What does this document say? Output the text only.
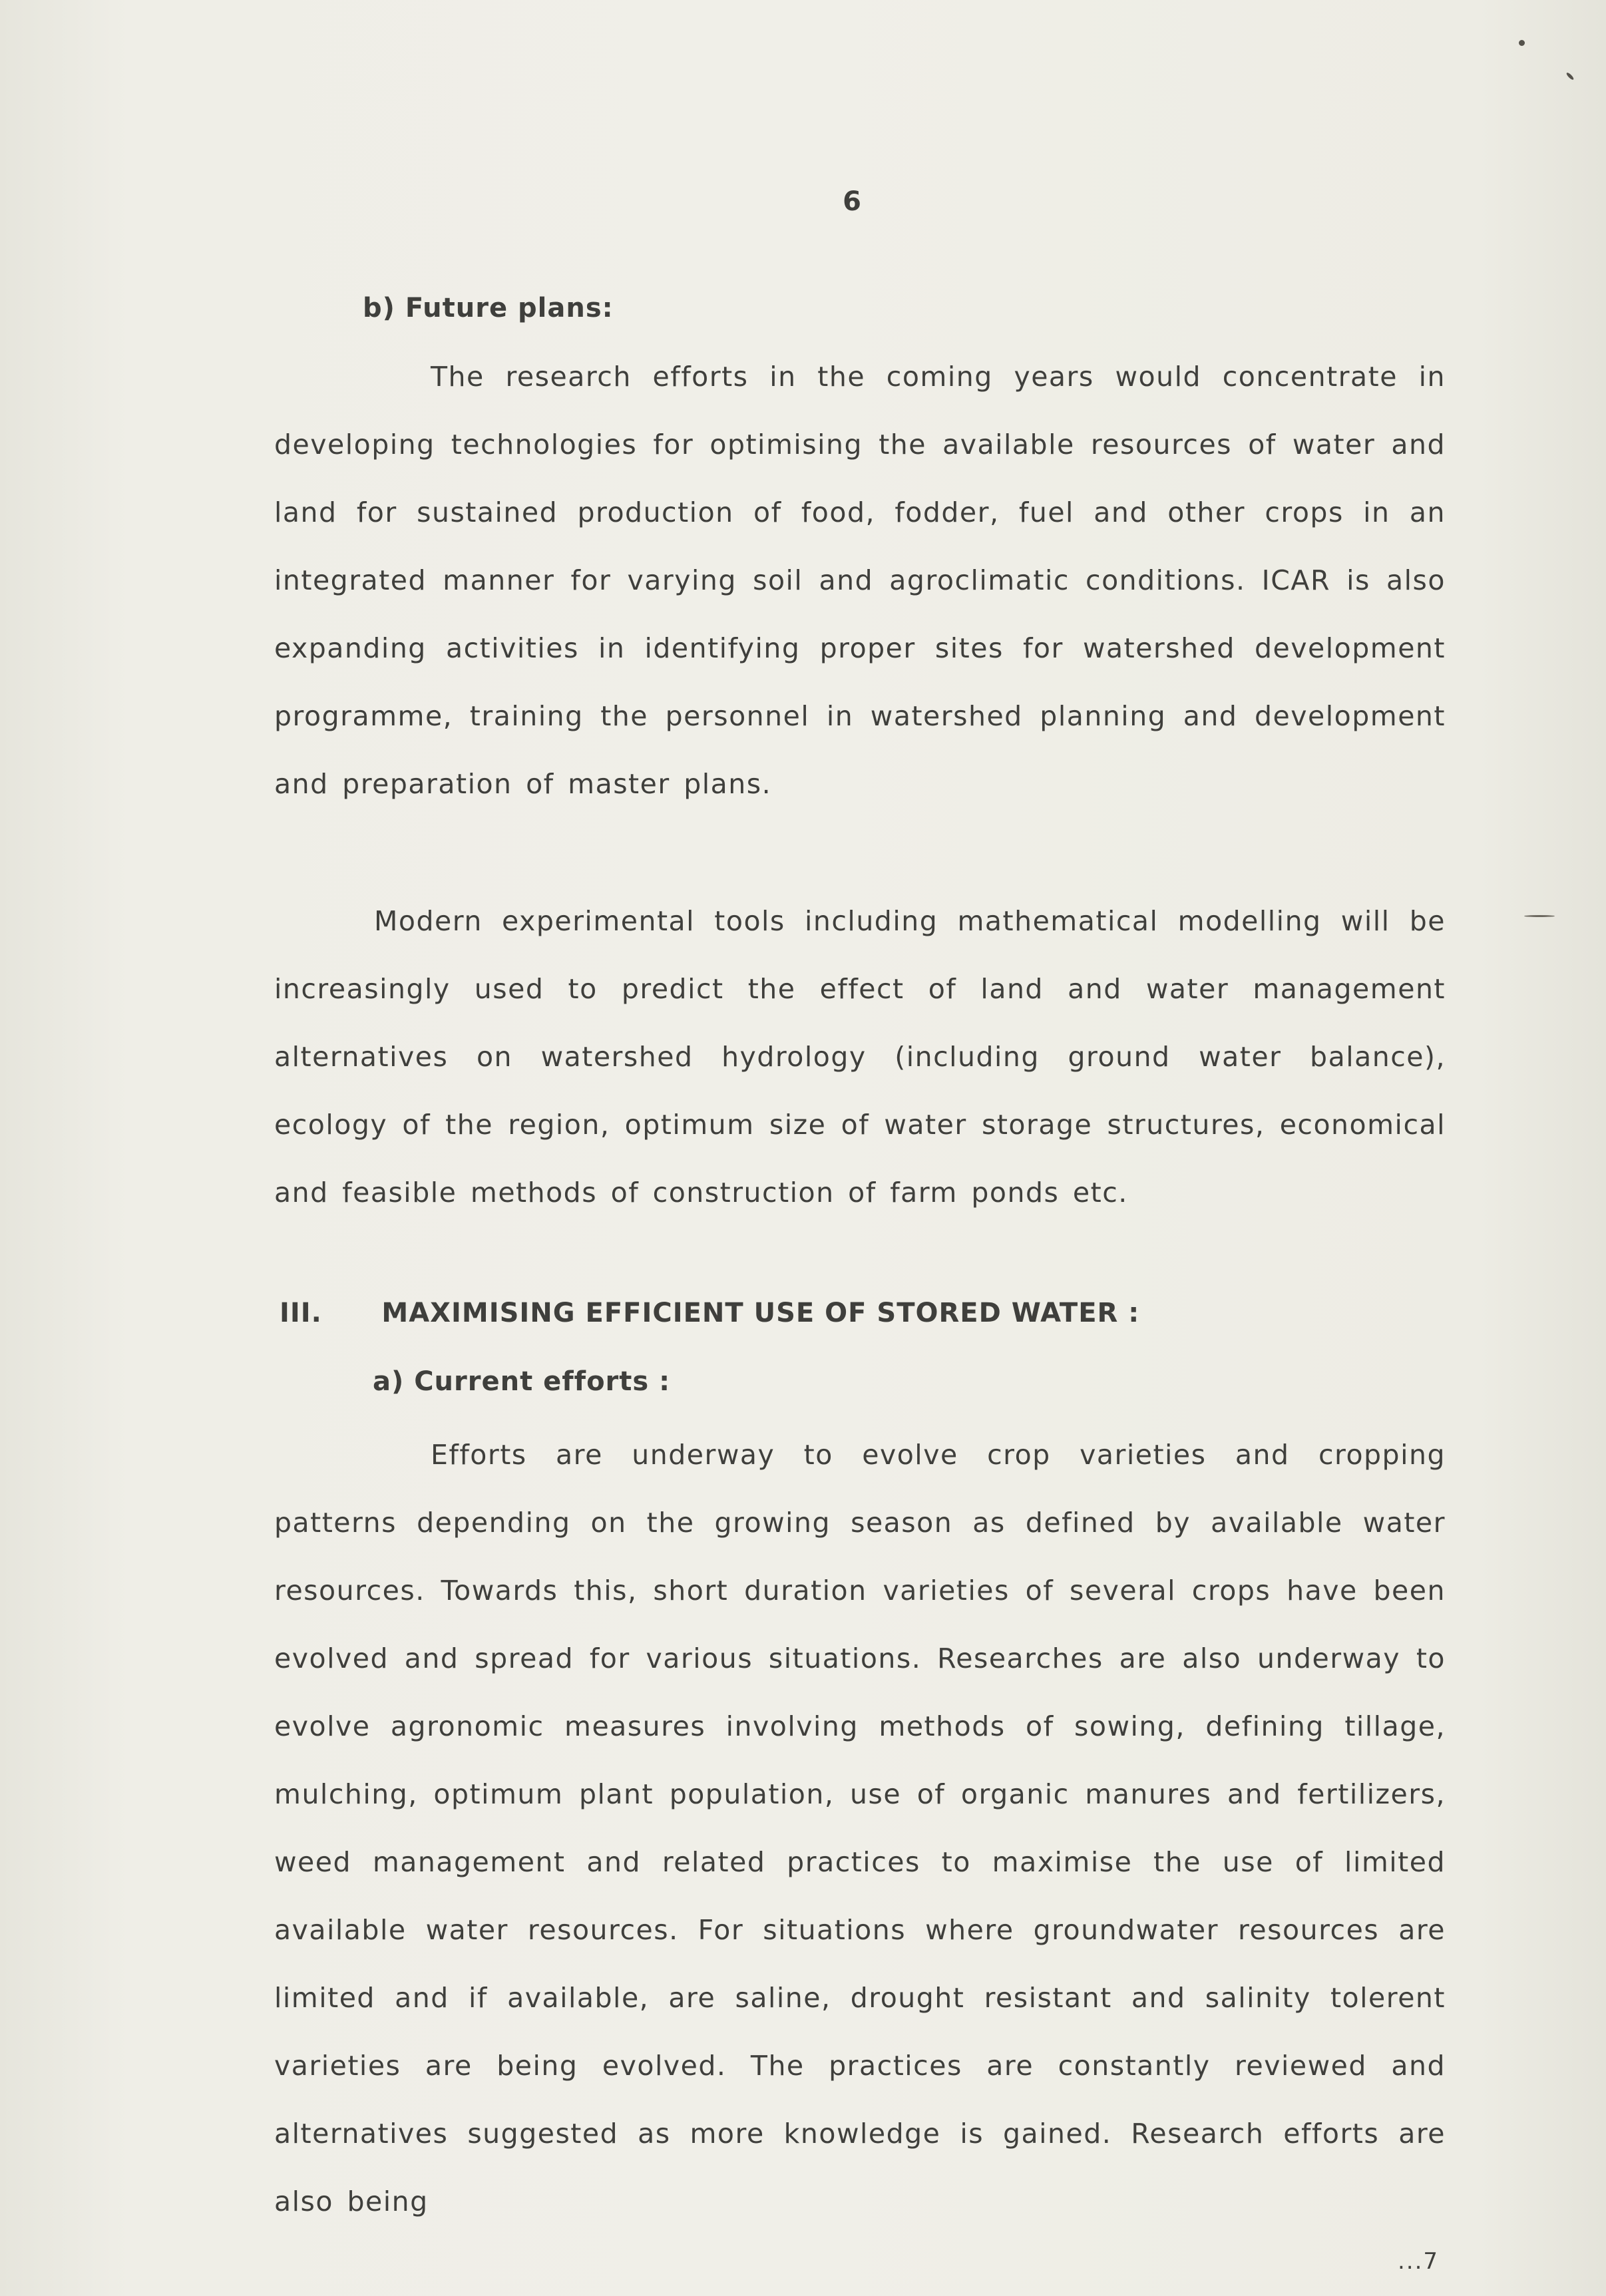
6
b) Future plans:

The research efforts in the coming years would concentrate in developing technologies for optimising the available resources of water and land for sustained production of food, fodder, fuel and other crops in an integrated manner for varying soil and agroclimatic conditions. ICAR is also expanding activities in identifying proper sites for watershed development programme, training the personnel in watershed planning and development and preparation of master plans.

Modern experimental tools including mathematical modelling will be increasingly used to predict the effect of land and water management alternatives on watershed hydrology (including ground water balance), ecology of the region, optimum size of water storage structures, economical and feasible methods of construction of farm ponds etc.

III.      MAXIMISING EFFICIENT USE OF STORED WATER :
a) Current efforts :

Efforts are underway to evolve crop varieties and cropping patterns depending on the growing season as defined by available water resources. Towards this, short duration varieties of several crops have been evolved and spread for various situations. Researches are also underway to evolve agronomic measures involving methods of sowing, defining tillage, mulching, optimum plant population, use of organic manures and fertilizers, weed management and related practices to maximise the use of limited available water resources. For situations where groundwater resources are limited and if available, are saline, drought resistant and salinity tolerent varieties are being evolved. The practices are constantly reviewed and alternatives suggested as more knowledge is gained. Research efforts are also being

...7
